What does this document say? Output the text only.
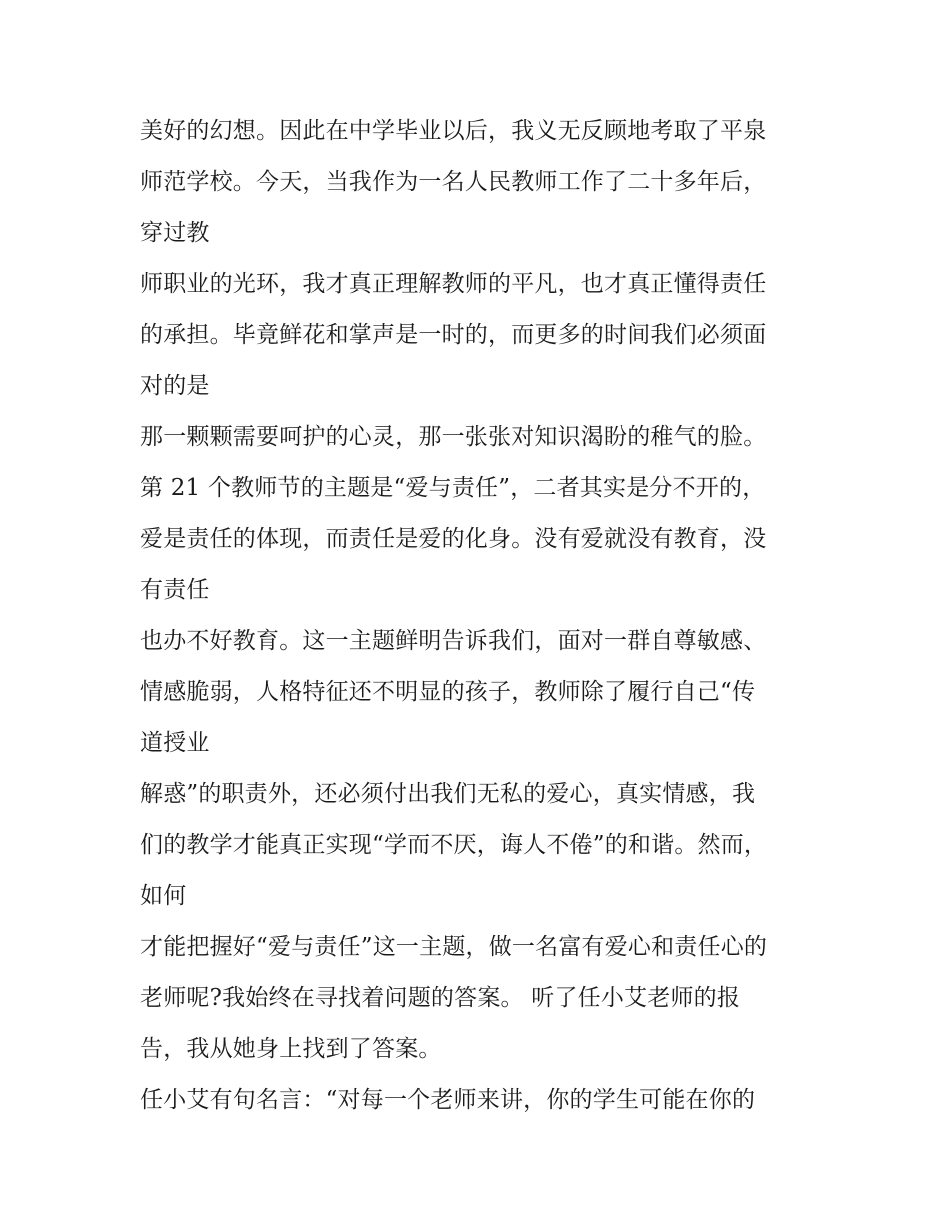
美好的幻想。因此在中学毕业以后，我义无反顾地考取了平泉
师范学校。今天，当我作为一名人民教师工作了二十多年后，
穿过教
师职业的光环，我才真正理解教师的平凡，也才真正懂得责任
的承担。毕竟鲜花和掌声是一时的，而更多的时间我们必须面
对的是
那一颗颗需要呵护的心灵，那一张张对知识渴盼的稚气的脸。
第 21 个教师节的主题是“爱与责任”，二者其实是分不开的，
爱是责任的体现，而责任是爱的化身。没有爱就没有教育，没
有责任
也办不好教育。这一主题鲜明告诉我们，面对一群自尊敏感、
情感脆弱，人格特征还不明显的孩子，教师除了履行自己“传
道授业
解惑”的职责外，还必须付出我们无私的爱心，真实情感，我
们的教学才能真正实现“学而不厌，诲人不倦”的和谐。然而，
如何
才能把握好“爱与责任”这一主题，做一名富有爱心和责任心的
老师呢?我始终在寻找着问题的答案。 听了任小艾老师的报
告，我从她身上找到了答案。
任小艾有句名言：“对每一个老师来讲，你的学生可能在你的
